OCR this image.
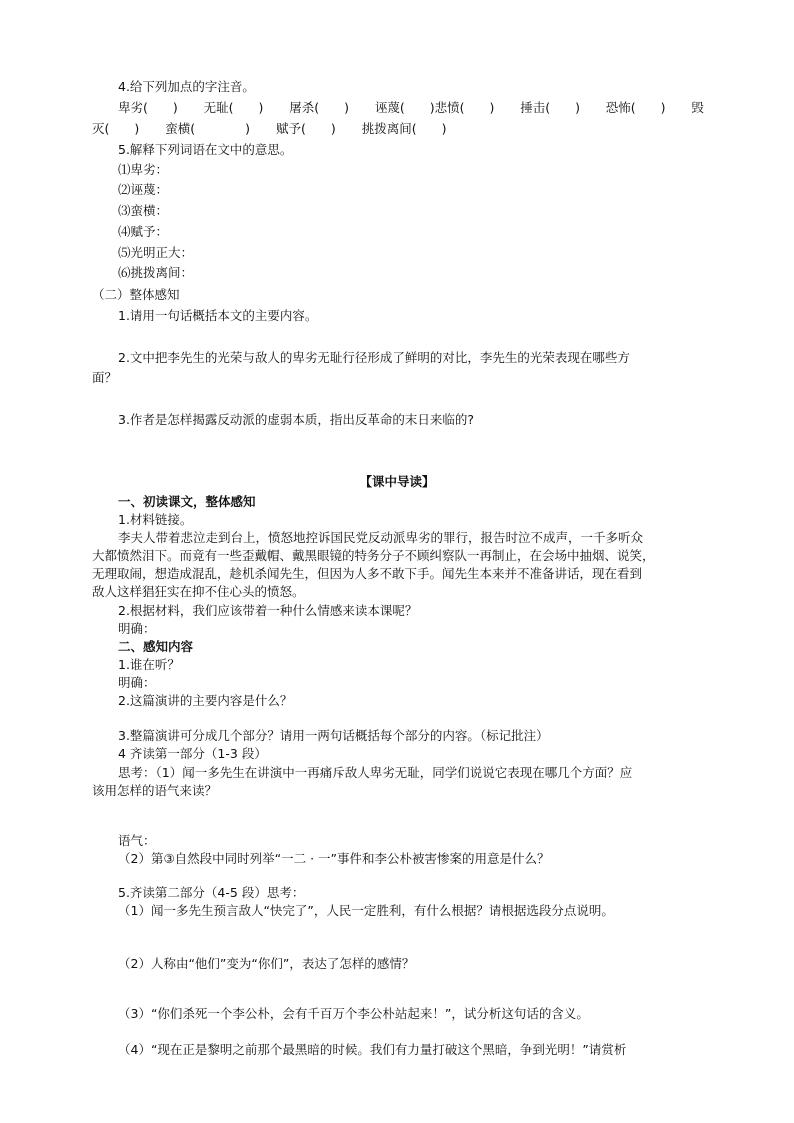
4.给下列加点的字注音。
卑劣(　　) 无耻(　　) 屠杀(　　) 诬蔑(　　)悲愤(　　) 捶击(　　) 恐怖(　　) 毁
灭(　　) 蛮横(　　　　) 赋予(　　) 挑拨离间(　　)
5.解释下列词语在文中的意思。
⑴卑劣：
⑵诬蔑：
⑶蛮横：
⑷赋予：
⑸光明正大：
⑹挑拨离间：
（二）整体感知
1.请用一句话概括本文的主要内容。
2.文中把李先生的光荣与敌人的卑劣无耻行径形成了鲜明的对比，李先生的光荣表现在哪些方
面？
3.作者是怎样揭露反动派的虚弱本质，指出反革命的末日来临的?
【课中导读】
一、初读课文，整体感知
1.材料链接。
李夫人带着悲泣走到台上，愤怒地控诉国民党反动派卑劣的罪行，报告时泣不成声，一千多听众
大都愤然泪下。而竟有一些歪戴帽、戴黑眼镜的特务分子不顾纠察队一再制止，在会场中抽烟、说笑，
无理取闹，想造成混乱，趁机杀闻先生，但因为人多不敢下手。闻先生本来并不准备讲话，现在看到
敌人这样猖狂实在抑不住心头的愤怒。
2.根据材料，我们应该带着一种什么情感来读本课呢？
明确：
二、感知内容
1.谁在听？
明确：
2.这篇演讲的主要内容是什么？
3.整篇演讲可分成几个部分？请用一两句话概括每个部分的内容。（标记批注）
4 齐读第一部分（1-3 段）
思考：（1）闻一多先生在讲演中一再痛斥敌人卑劣无耻，同学们说说它表现在哪几个方面？应
该用怎样的语气来读？
语气：
（2）第③自然段中同时列举“一二 · 一”事件和李公朴被害惨案的用意是什么？
5.齐读第二部分（4-5 段）思考：
（1）闻一多先生预言敌人“快完了”，人民一定胜利，有什么根据？请根据选段分点说明。
（2）人称由“他们”变为“你们”，表达了怎样的感情？
（3）“你们杀死一个李公朴，会有千百万个李公朴站起来！”，试分析这句话的含义。
（4）“现在正是黎明之前那个最黑暗的时候。我们有力量打破这个黑暗，争到光明！”请赏析
